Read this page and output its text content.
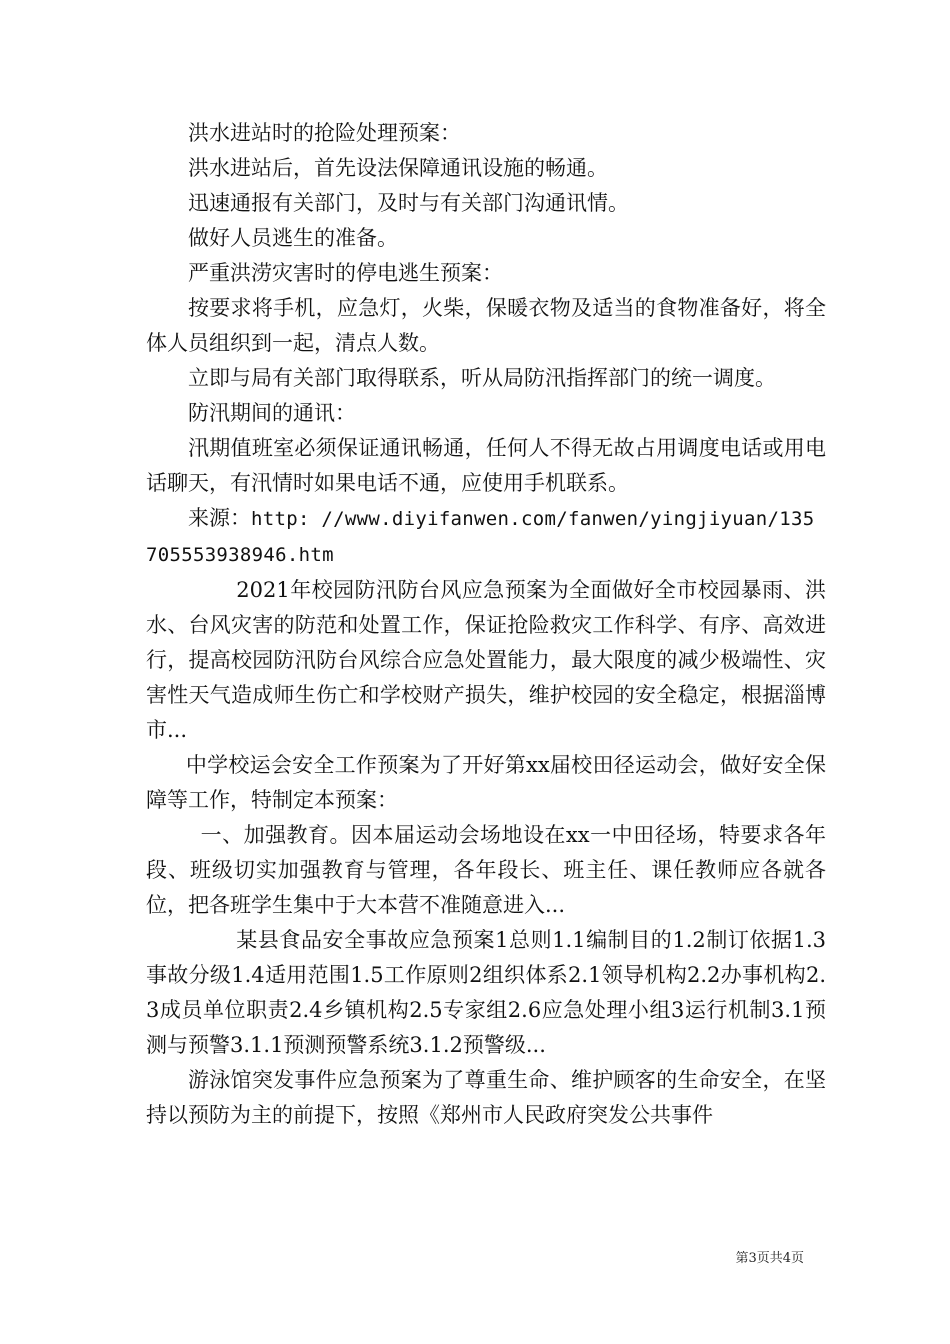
洪水进站时的抢险处理预案：

洪水进站后，首先设法保障通讯设施的畅通。

迅速通报有关部门，及时与有关部门沟通讯情。

做好人员逃生的准备。

严重洪涝灾害时的停电逃生预案：

按要求将手机，应急灯，火柴，保暖衣物及适当的食物准备好，将全体人员组织到一起，清点人数。

立即与局有关部门取得联系，听从局防汛指挥部门的统一调度。

防汛期间的通讯：

汛期值班室必须保证通讯畅通，任何人不得无故占用调度电话或用电话聊天，有汛情时如果电话不通，应使用手机联系。

来源：http: //www.diyifanwen.com/fanwen/yingjiyuan/135705553938946.htm

2021年校园防汛防台风应急预案为全面做好全市校园暴雨、洪水、台风灾害的防范和处置工作，保证抢险救灾工作科学、有序、高效进行，提高校园防汛防台风综合应急处置能力，最大限度的减少极端性、灾害性天气造成师生伤亡和学校财产损失，维护校园的安全稳定，根据淄博市...

中学校运会安全工作预案为了开好第xx届校田径运动会，做好安全保障等工作，特制定本预案：

一、加强教育。因本届运动会场地设在xx一中田径场，特要求各年段、班级切实加强教育与管理，各年段长、班主任、课任教师应各就各位，把各班学生集中于大本营不准随意进入...

某县食品安全事故应急预案1总则1.1编制目的1.2制订依据1.3事故分级1.4适用范围1.5工作原则2组织体系2.1领导机构2.2办事机构2.3成员单位职责2.4乡镇机构2.5专家组2.6应急处理小组3运行机制3.1预测与预警3.1.1预测预警系统3.1.2预警级...

游泳馆突发事件应急预案为了尊重生命、维护顾客的生命安全，在坚持以预防为主的前提下，按照《郑州市人民政府突发公共事件

第3页共4页
